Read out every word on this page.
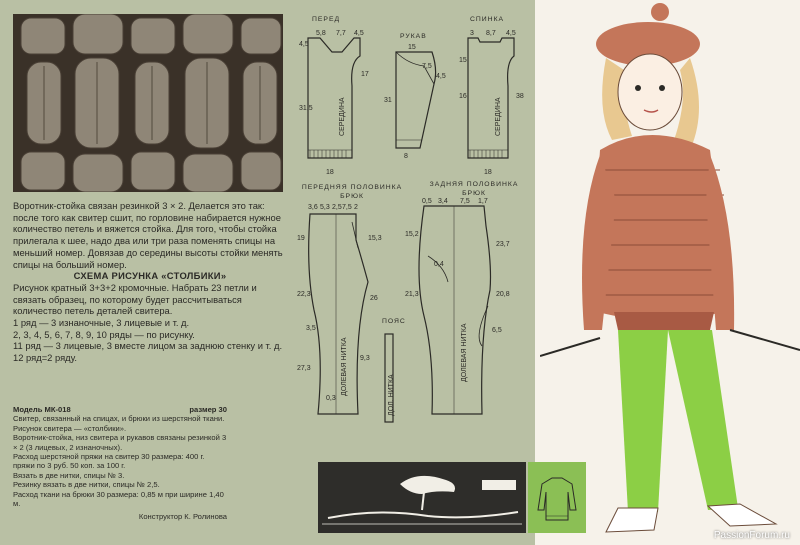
Воротник-стойка связан резинкой 3 × 2. Делается это так: после того как свитер сшит, по горловине набирается нужное количество петель и вяжется стойка. Для того, чтобы стойка прилегала к шее, надо два или три раза поменять спицы на меньший номер. Довязав до середины высоты стойки менять спицы на больший номер.

СХЕМА РИСУНКА «СТОЛБИКИ»

Рисунок кратный 3+3+2 кромочные. Набрать 23 петли и связать образец, по которому будет рассчитываться количество петель деталей свитера.

1 ряд — 3 изнаночные, 3 лицевые и т. д.

2, 3, 4, 5, 6, 7, 8, 9, 10 ряды — по рисунку.

11 ряд — 3 лицевые, 3 вместе лицом за заднюю стенку и т. д.

12 ряд=2 ряду.

Модель МК-018	размер 30

Свитер, связанный на спицах, и брюки из шерстяной ткани. Рисунок свитера — «столбики».

Воротник-стойка, низ свитера и рукавов связаны резинкой 3 × 2 (3 лицевых, 2 изнаночных).

Расход шерстяной пряжи на свитер 30 размера: 400 г. пряжи по 3 руб. 50 коп. за 100 г.

Вязать в две нитки, спицы № 3.

Резинку вязать в две нитки, спицы № 2,5.

Расход ткани на брюки 30 размера: 0,85 м при ширине 1,40 м.

Конструктор К. Ролинова

ПЕРЕД
РУКАВ
СПИНКА
ПЕРЕДНЯЯ ПОЛОВИНКА БРЮК
ЗАДНЯЯ ПОЛОВИНКА БРЮК
ПОЯС
5,8 7,7 4,5
4,5
17
31,5
18
СЕРЕДИНА
15
7,5
31
4,5
8
3 8,7 4,5
15
16	38
18
СЕРЕДИНА
3,6 5,3 2,5 7,5 2
19	15,3
22,3
26
27,3
3,5
9,3
0,3
ДОЛЕВАЯ НИТКА	ДОЛ. НИТКА
0,5 3,4 7,5 1,7
15,2
21,3
23,7
20,8
6,5
0,4
ДОЛЕВАЯ НИТКА
PassionForum.ru
